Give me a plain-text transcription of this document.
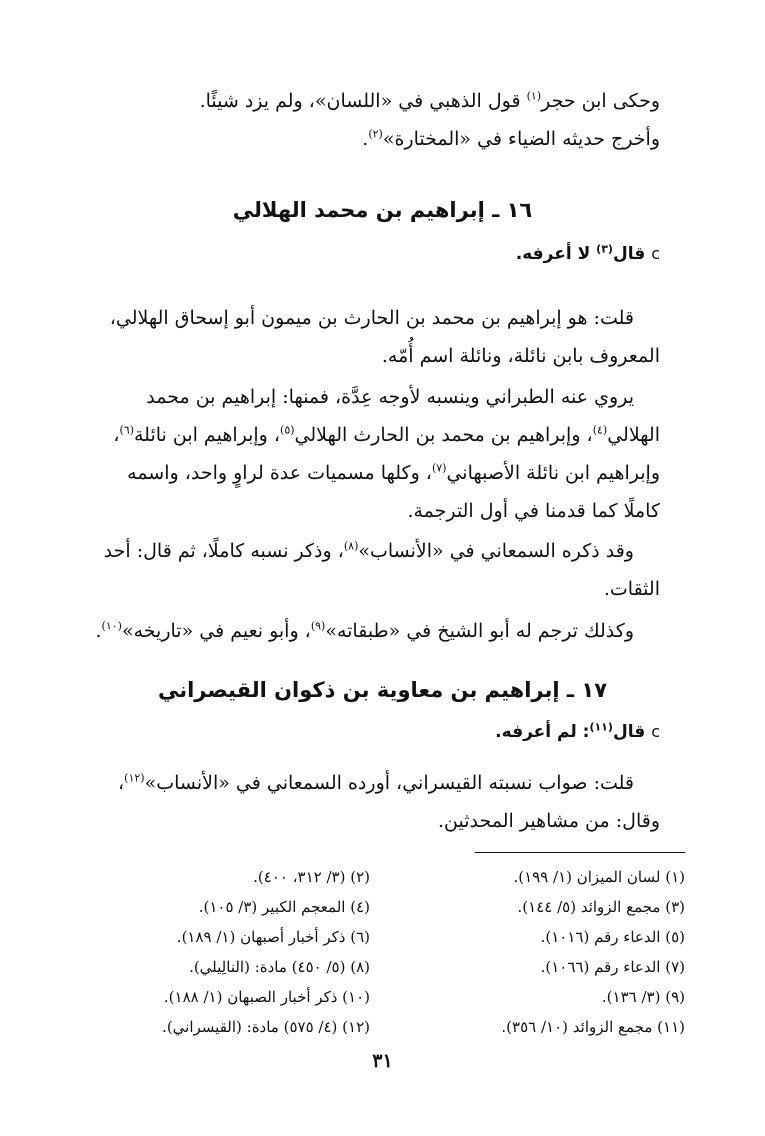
وحكى ابن حجر$^{(١)}$ قول الذهبي في «اللسان»، ولم يزد شيئًا.
وأخرج حديثه الضياء في «المختارة»$^{(٢)}$.
١٦ ـ إبراهيم بن محمد الهلالي
cقال$^{(٣)}$ لا أعرفه.
قلت: هو إبراهيم بن محمد بن الحارث بن ميمون أبو إسحاق الهلالي،
المعروف بابن نائلة، ونائلة اسم أُمّه.
يروي عنه الطبراني وينسبه لأوجه عِدَّة، فمنها: إبراهيم بن محمد
الهلالي$^{(٤)}$، وإبراهيم بن محمد بن الحارث الهلالي$^{(٥)}$، وإبراهيم ابن نائلة$^{(٦)}$،
وإبراهيم ابن نائلة الأصبهاني$^{(٧)}$، وكلها مسميات عدة لراوٍ واحد، واسمه
كاملًا كما قدمنا في أول الترجمة.
وقد ذكره السمعاني في «الأنساب»$^{(٨)}$، وذكر نسبه كاملًا، ثم قال: أحد
الثقات.
وكذلك ترجم له أبو الشيخ في «طبقاته»$^{(٩)}$، وأبو نعيم في «تاريخه»$^{(١٠)}$.
١٧ ـ إبراهيم بن معاوية بن ذكوان القيصراني
cقال$^{(١١)}$: لم أعرفه.
قلت: صواب نسبته القيسراني، أورده السمعاني في «الأنساب»$^{(١٢)}$،
وقال: من مشاهير المحدثين.
(١) لسان الميزان (١/ ١٩٩).
(٣) مجمع الزوائد (٥/ ١٤٤).
(٥) الدعاء رقم (١٠١٦).
(٧) الدعاء رقم (١٠٦٦).
(٩) (٣/ ١٣٦).
(١١) مجمع الزوائد (١٠/ ٣٥٦).
(٢) (٣/ ٣١٢، ٤٠٠).
(٤) المعجم الكبير (٣/ ١٠٥).
(٦) ذكر أخبار أصبهان (١/ ١٨٩).
(٨) (٥/ ٤٥٠) مادة: (النالِيلي).
(١٠) ذكر أخبار الصبهان (١/ ١٨٨).
(١٢) (٤/ ٥٧٥) مادة: (القيسراني).
٣١
